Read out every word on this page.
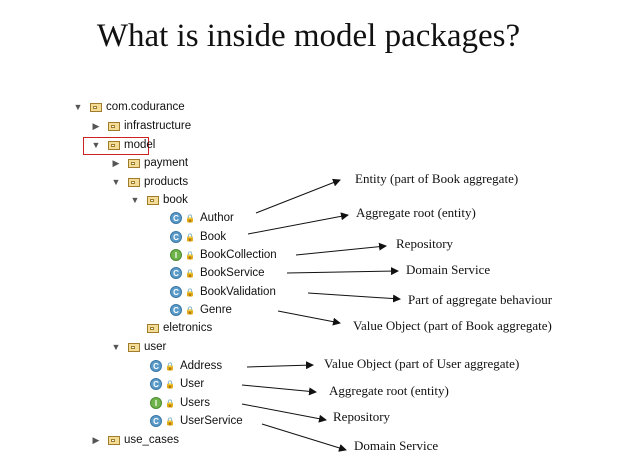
What is inside model packages?
▼ com.codurance
▶ infrastructure
▼ model
▶ payment
▼ products
▼ book
C 🔒 Author
C 🔒 Book
I 🔒 BookCollection
C 🔒 BookService
C 🔒 BookValidation
C 🔒 Genre
eletronics
▼ user
C 🔒 Address
C 🔒 User
I 🔒 Users
C 🔒 UserService
▶ use_cases
Entity (part of Book aggregate)
Aggregate root (entity)
Repository
Domain Service
Part of aggregate behaviour
Value Object (part of Book aggregate)
Value Object (part of User aggregate)
Aggregate root (entity)
Repository
Domain Service
